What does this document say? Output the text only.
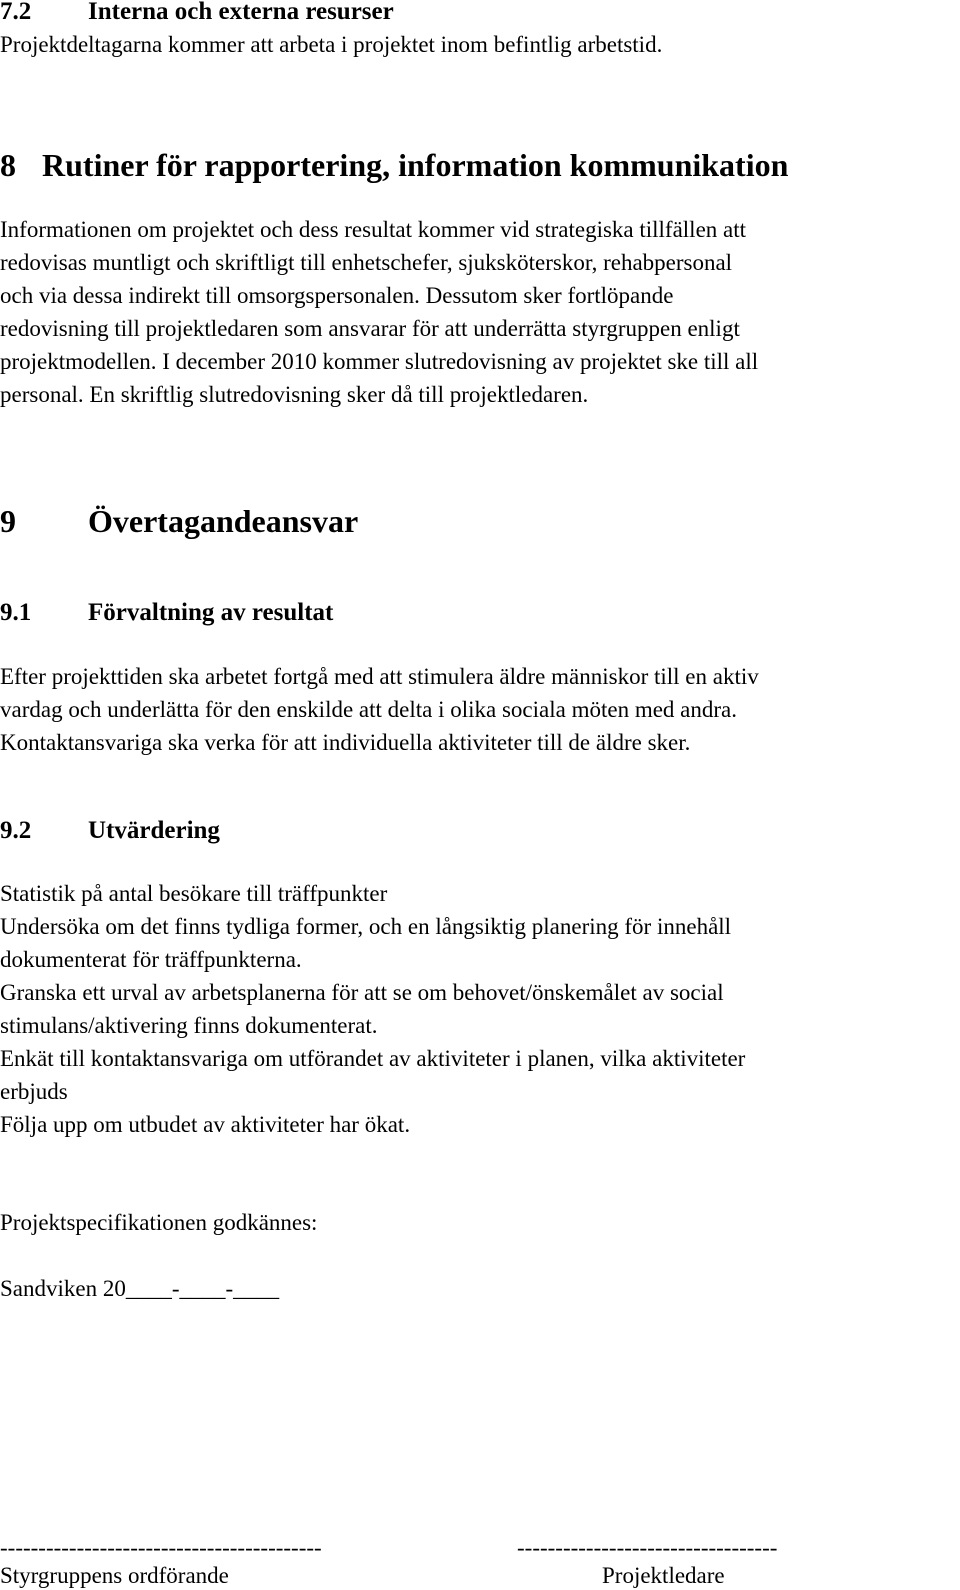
7.2 Interna och externa resurser
Projektdeltagarna kommer att arbeta i projektet inom befintlig arbetstid.
8 Rutiner för rapportering, information kommunikation
Informationen om projektet och dess resultat kommer vid strategiska tillfällen att
redovisas muntligt och skriftligt till enhetschefer, sjuksköterskor, rehabpersonal
och via dessa indirekt till omsorgspersonalen. Dessutom sker fortlöpande
redovisning till projektledaren som ansvarar för att underrätta styrgruppen enligt
projektmodellen. I december 2010 kommer slutredovisning av projektet ske till all
personal. En skriftlig slutredovisning sker då till projektledaren.
9 Övertagandeansvar
9.1 Förvaltning av resultat
Efter projekttiden ska arbetet fortgå med att stimulera äldre människor till en aktiv
vardag och underlätta för den enskilde att delta i olika sociala möten med andra.
Kontaktansvariga ska verka för att individuella aktiviteter till de äldre sker.
9.2 Utvärdering
Statistik på antal besökare till träffpunkter
Undersöka om det finns tydliga former, och en långsiktig planering för innehåll
dokumenterat för träffpunkterna.
Granska ett urval av arbetsplanerna för att se om behovet/önskemålet av social
stimulans/aktivering finns dokumenterat.
Enkät till kontaktansvariga om utförandet av aktiviteter i planen, vilka aktiviteter
erbjuds
Följa upp om utbudet av aktiviteter har ökat.
Projektspecifikationen godkännes:
Sandviken 20____-____-____
------------------------------------------
Styrgruppens ordförande
----------------------------------
Projektledare
